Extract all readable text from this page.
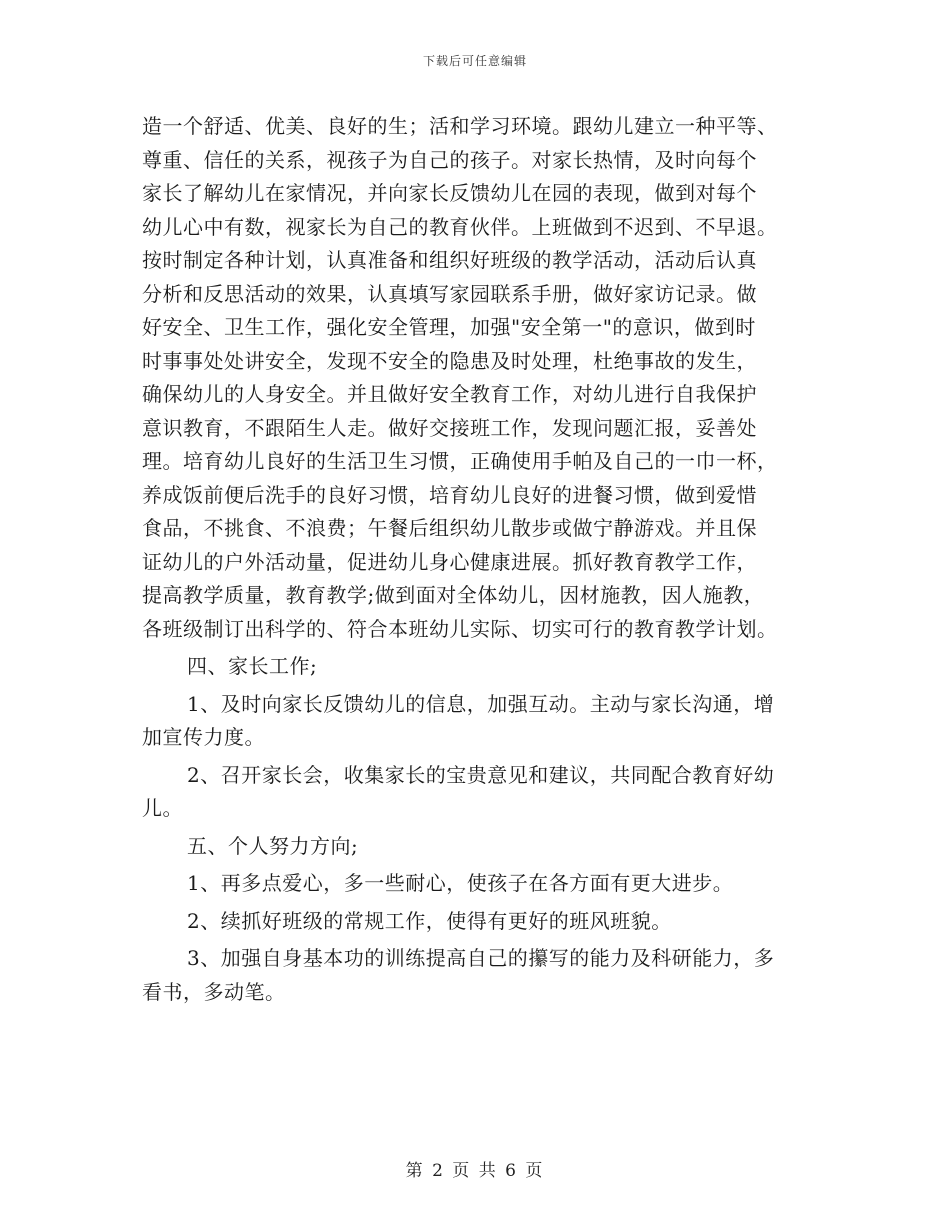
下载后可任意编辑
造一个舒适、优美、良好的生；活和学习环境。跟幼儿建立一种平等、
尊重、信任的关系，视孩子为自己的孩子。对家长热情，及时向每个
家长了解幼儿在家情况，并向家长反馈幼儿在园的表现，做到对每个
幼儿心中有数，视家长为自己的教育伙伴。上班做到不迟到、不早退。
按时制定各种计划，认真准备和组织好班级的教学活动，活动后认真
分析和反思活动的效果，认真填写家园联系手册，做好家访记录。做
好安全、卫生工作，强化安全管理，加强"安全第一"的意识，做到时
时事事处处讲安全，发现不安全的隐患及时处理，杜绝事故的发生，
确保幼儿的人身安全。并且做好安全教育工作，对幼儿进行自我保护
意识教育，不跟陌生人走。做好交接班工作，发现问题汇报，妥善处
理。培育幼儿良好的生活卫生习惯，正确使用手帕及自己的一巾一杯，
养成饭前便后洗手的良好习惯，培育幼儿良好的进餐习惯，做到爱惜
食品，不挑食、不浪费；午餐后组织幼儿散步或做宁静游戏。并且保
证幼儿的户外活动量，促进幼儿身心健康进展。抓好教育教学工作，
提高教学质量，教育教学;做到面对全体幼儿，因材施教，因人施教，
各班级制订出科学的、符合本班幼儿实际、切实可行的教育教学计划。
四、家长工作;
1、及时向家长反馈幼儿的信息，加强互动。主动与家长沟通，增
加宣传力度。
2、召开家长会，收集家长的宝贵意见和建议，共同配合教育好幼
儿。
五、个人努力方向;
1、再多点爱心，多一些耐心，使孩子在各方面有更大进步。
2、续抓好班级的常规工作，使得有更好的班风班貌。
3、加强自身基本功的训练提高自己的攥写的能力及科研能力，多
看书，多动笔。
第 2 页 共 6 页
